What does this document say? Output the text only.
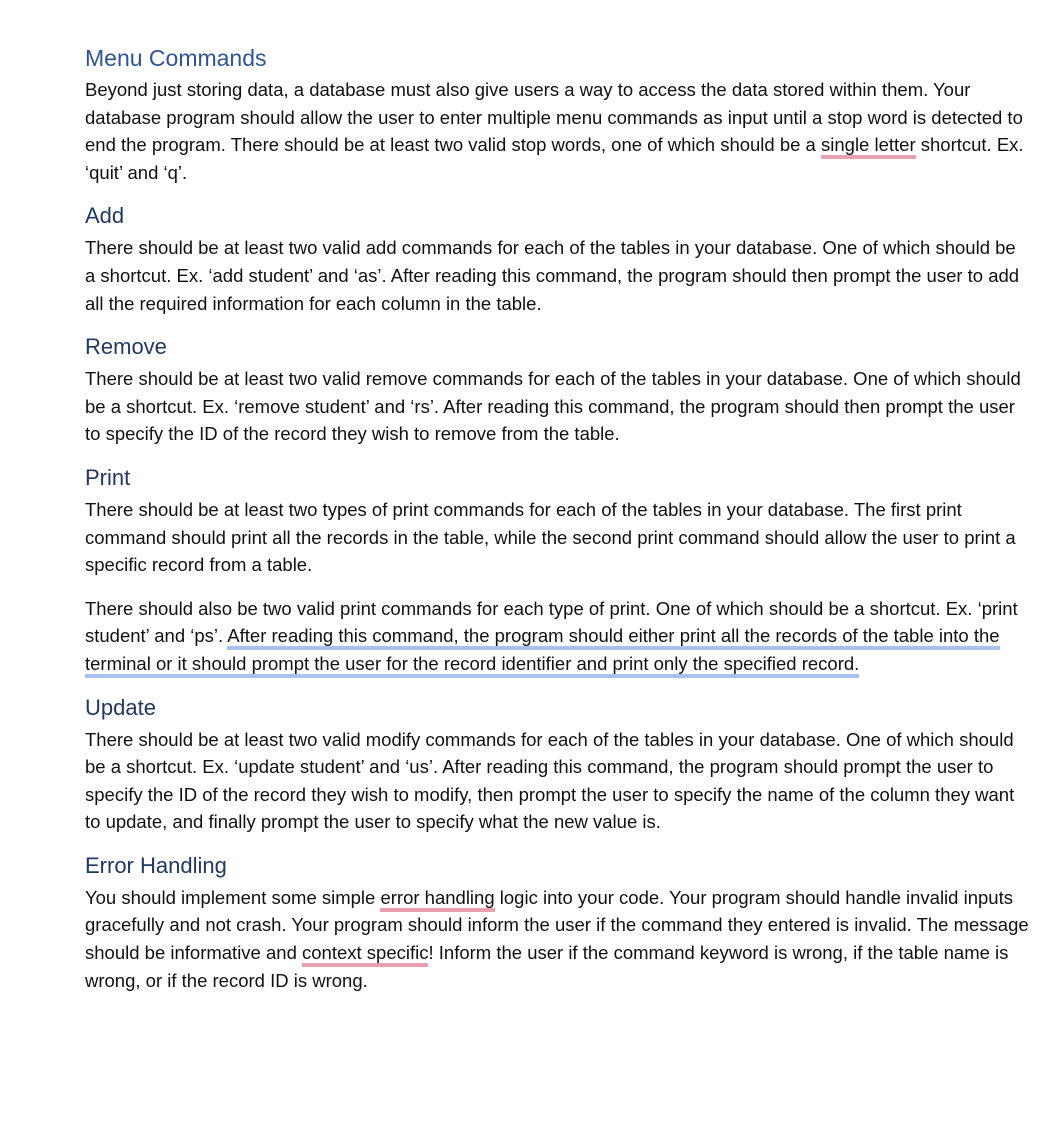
Menu Commands

Beyond just storing data, a database must also give users a way to access the data stored within them. Your database program should allow the user to enter multiple menu commands as input until a stop word is detected to end the program. There should be at least two valid stop words, one of which should be a single letter shortcut. Ex. ‘quit’ and ‘q’.

Add

There should be at least two valid add commands for each of the tables in your database. One of which should be a shortcut. Ex. ‘add student’ and ‘as’. After reading this command, the program should then prompt the user to add all the required information for each column in the table.

Remove

There should be at least two valid remove commands for each of the tables in your database. One of which should be a shortcut. Ex. ‘remove student’ and ‘rs’. After reading this command, the program should then prompt the user to specify the ID of the record they wish to remove from the table.

Print

There should be at least two types of print commands for each of the tables in your database. The first print command should print all the records in the table, while the second print command should allow the user to print a specific record from a table.

There should also be two valid print commands for each type of print. One of which should be a shortcut. Ex. ‘print student’ and ‘ps’. After reading this command, the program should either print all the records of the table into the terminal or it should prompt the user for the record identifier and print only the specified record.

Update

There should be at least two valid modify commands for each of the tables in your database. One of which should be a shortcut. Ex. ‘update student’ and ‘us’. After reading this command, the program should prompt the user to specify the ID of the record they wish to modify, then prompt the user to specify the name of the column they want to update, and finally prompt the user to specify what the new value is.

Error Handling

You should implement some simple error handling logic into your code. Your program should handle invalid inputs gracefully and not crash. Your program should inform the user if the command they entered is invalid. The message should be informative and context specific! Inform the user if the command keyword is wrong, if the table name is wrong, or if the record ID is wrong.
